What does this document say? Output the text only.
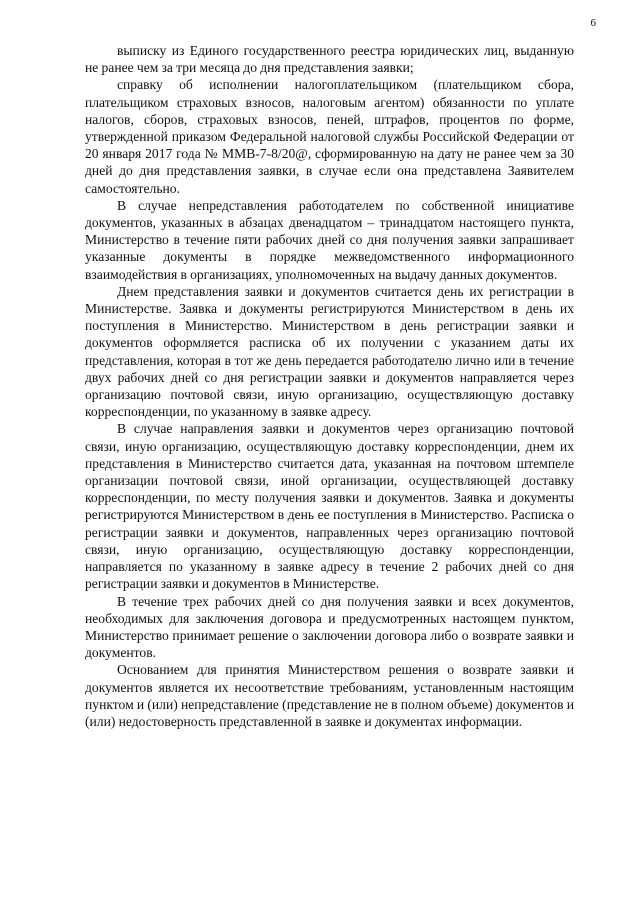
6

выписку из Единого государственного реестра юридических лиц, выданную не ранее чем за три месяца до дня представления заявки;

справку об исполнении налогоплательщиком (плательщиком сбора, плательщиком страховых взносов, налоговым агентом) обязанности по уплате налогов, сборов, страховых взносов, пеней, штрафов, процентов по форме, утвержденной приказом Федеральной налоговой службы Российской Федерации от 20 января 2017 года № ММВ-7-8/20@, сформированную на дату не ранее чем за 30 дней до дня представления заявки, в случае если она представлена Заявителем самостоятельно.

В случае непредставления работодателем по собственной инициативе документов, указанных в абзацах двенадцатом – тринадцатом настоящего пункта, Министерство в течение пяти рабочих дней со дня получения заявки запрашивает указанные документы в порядке межведомственного информационного взаимодействия в организациях, уполномоченных на выдачу данных документов.

Днем представления заявки и документов считается день их регистрации в Министерстве. Заявка и документы регистрируются Министерством в день их поступления в Министерство. Министерством в день регистрации заявки и документов оформляется расписка об их получении с указанием даты их представления, которая в тот же день передается работодателю лично или в течение двух рабочих дней со дня регистрации заявки и документов направляется через организацию почтовой связи, иную организацию, осуществляющую доставку корреспонденции, по указанному в заявке адресу.

В случае направления заявки и документов через организацию почтовой связи, иную организацию, осуществляющую доставку корреспонденции, днем их представления в Министерство считается дата, указанная на почтовом штемпеле организации почтовой связи, иной организации, осуществляющей доставку корреспонденции, по месту получения заявки и документов. Заявка и документы регистрируются Министерством в день ее поступления в Министерство. Расписка о регистрации заявки и документов, направленных через организацию почтовой связи, иную организацию, осуществляющую доставку корреспонденции, направляется по указанному в заявке адресу в течение 2 рабочих дней со дня регистрации заявки и документов в Министерстве.

В течение трех рабочих дней со дня получения заявки и всех документов, необходимых для заключения договора и предусмотренных настоящем пунктом, Министерство принимает решение о заключении договора либо о возврате заявки и документов.

Основанием для принятия Министерством решения о возврате заявки и документов является их несоответствие требованиям, установленным настоящим пунктом и (или) непредставление (представление не в полном объеме) документов и (или) недостоверность представленной в заявке и документах информации.
